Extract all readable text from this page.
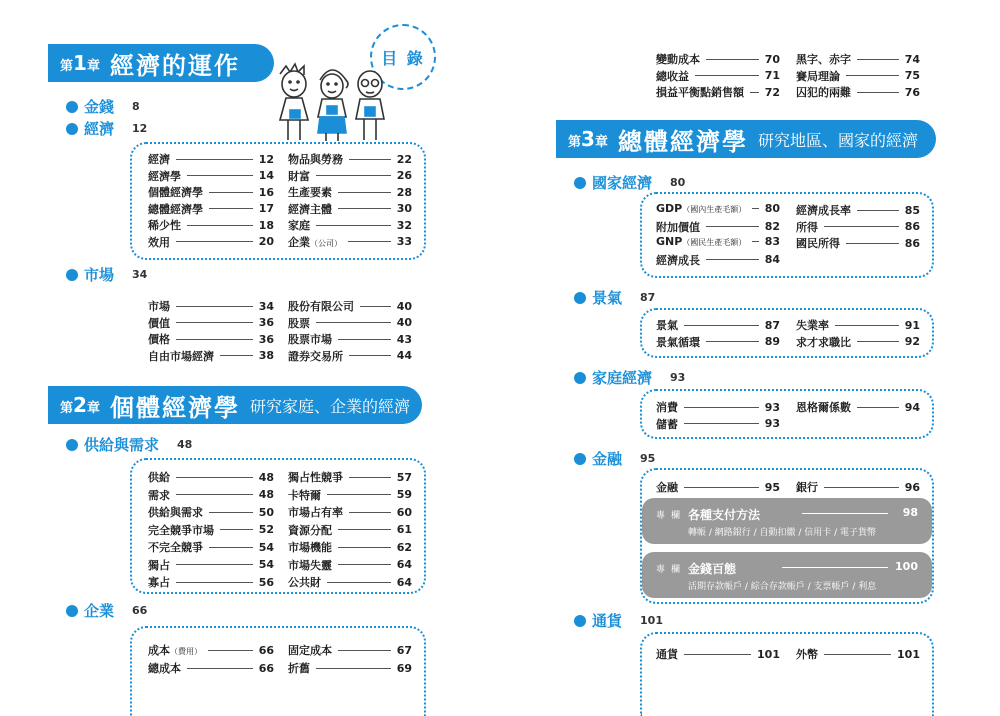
第1章 經濟的運作	目 錄
金錢 8
經濟 12
經濟	12 物品與勞務	22
經濟學	14 財富	26
個體經濟學	16 生產要素	28
總體經濟學	17 經濟主體	30
稀少性	18 家庭	32
效用	20 企業（公司）	33
市場 34
市場	34 股份有限公司	40
價值	36 股票	40
價格	36 股票市場	43
自由市場經濟	38 證券交易所	44
第2章 個體經濟學 研究家庭、企業的經濟
供給與需求 48
供給	48 獨占性競爭	57
需求	48 卡特爾	59
供給與需求	50 市場占有率	60
完全競爭市場	52 資源分配	61
不完全競爭	54 市場機能	62
獨占	54 市場失靈	64
寡占	56 公共財	64
企業 66
成本（費用）	66 固定成本	67
總成本	66 折舊	69
變動成本	70 黑字、赤字	74
總收益	71 賽局理論	75
損益平衡點銷售額 72 囚犯的兩難	76
第3章 總體經濟學 研究地區、國家的經濟
國家經濟 80
GDP（國內生產毛額） 80 經濟成長率	85
附加價值	82 所得	86
GNP（國民生產毛額） 83 國民所得	86
經濟成長	84
景氣 87
景氣	87 失業率	91
景氣循環	89 求才求職比	92
家庭經濟 93
消費	93 恩格爾係數	94
儲蓄	93
金融 95
金融	95 銀行	96
專欄 各種支付方法	98
轉帳 / 網路銀行 / 自動扣繳 / 信用卡 / 電子貨幣
專欄 金錢百態	100
活期存款帳戶 / 綜合存款帳戶 / 支票帳戶 / 利息
通貨 101
通貨	101 外幣	101
